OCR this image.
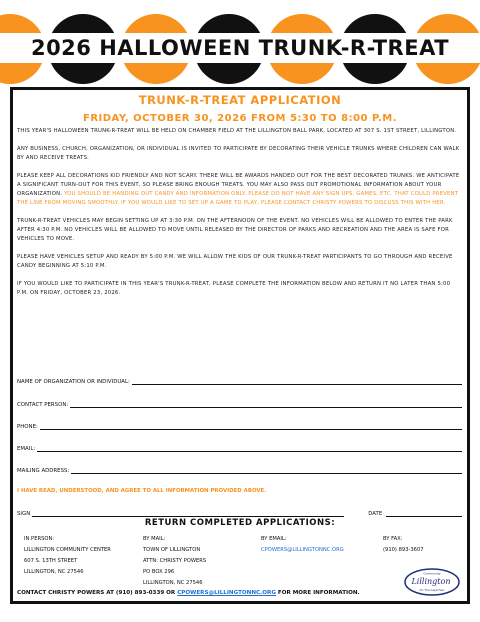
2026 HALLOWEEN TRUNK-R-TREAT
TRUNK-R-TREAT APPLICATION
FRIDAY, OCTOBER 30, 2026 FROM 5:30 TO 8:00 P.M.

THIS YEAR'S HALLOWEEN TRUNK-R-TREAT WILL BE HELD ON CHAMBER FIELD AT THE LILLINGTON BALL PARK, LOCATED AT 307 S. 1ST STREET, LILLINGTON.

ANY BUSINESS, CHURCH, ORGANIZATION, OR INDIVIDUAL IS INVITED TO PARTICIPATE BY DECORATING THEIR VEHICLE TRUNKS WHERE CHILDREN CAN WALK BY AND RECEIVE TREATS.

PLEASE KEEP ALL DECORATIONS KID FRIENDLY AND NOT SCARY. THERE WILL BE AWARDS HANDED OUT FOR THE BEST DECORATED TRUNKS. WE ANTICIPATE A SIGNIFICANT TURN-OUT FOR THIS EVENT, SO PLEASE BRING ENOUGH TREATS. YOU MAY ALSO PASS OUT PROMOTIONAL INFORMATION ABOUT YOUR ORGANIZATION. YOU SHOULD BE HANDING OUT CANDY AND INFORMATION ONLY. PLEASE DO NOT HAVE ANY SIGN UPS, GAMES, ETC. THAT COULD PREVENT THE LINE FROM MOVING SMOOTHLY. IF YOU WOULD LIKE TO SET UP A GAME TO PLAY, PLEASE CONTACT CHRISTY POWERS TO DISCUSS THIS WITH HER.

TRUNK-R-TREAT VEHICLES MAY BEGIN SETTING UP AT 3:30 P.M. ON THE AFTERNOON OF THE EVENT. NO VEHICLES WILL BE ALLOWED TO ENTER THE PARK AFTER 4:30 P.M. NO VEHICLES WILL BE ALLOWED TO MOVE UNTIL RELEASED BY THE DIRECTOR OF PARKS AND RECREATION AND THE AREA IS SAFE FOR VEHICLES TO MOVE.

PLEASE HAVE VEHICLES SETUP AND READY BY 5:00 P.M. WE WILL ALLOW THE KIDS OF OUR TRUNK-R-TREAT PARTICIPANTS TO GO THROUGH AND RECEIVE CANDY BEGINNING AT 5:10 P.M.

IF YOU WOULD LIKE TO PARTICIPATE IN THIS YEAR'S TRUNK-R-TREAT, PLEASE COMPLETE THE INFORMATION BELOW AND RETURN IT NO LATER THAN 5:00 P.M. ON FRIDAY, OCTOBER 23, 2026.

NAME OF ORGANIZATION OR INDIVIDUAL:
CONTACT PERSON:
PHONE:
EMAIL:
MAILING ADDRESS:
I HAVE READ, UNDERSTOOD, AND AGREE TO ALL INFORMATION PROVIDED ABOVE.
SIGN	DATE
RETURN COMPLETED APPLICATIONS:
IN PERSON:
LILLINGTON COMMUNITY CENTER
607 S. 13TH STREET
LILLINGTON, NC 27546
BY MAIL:
TOWN OF LILLINGTON
ATTN: CHRISTY POWERS
PO BOX 296
LILLINGTON, NC 27546
BY EMAIL:
CPOWERS@LILLINGTONNC.ORG
BY FAX:
(910) 893-3607
CONTACT CHRISTY POWERS AT (910) 893-0339 OR CPOWERS@LILLINGTONNC.ORG FOR MORE INFORMATION.
Community
Lillington
On The Cape Fear
